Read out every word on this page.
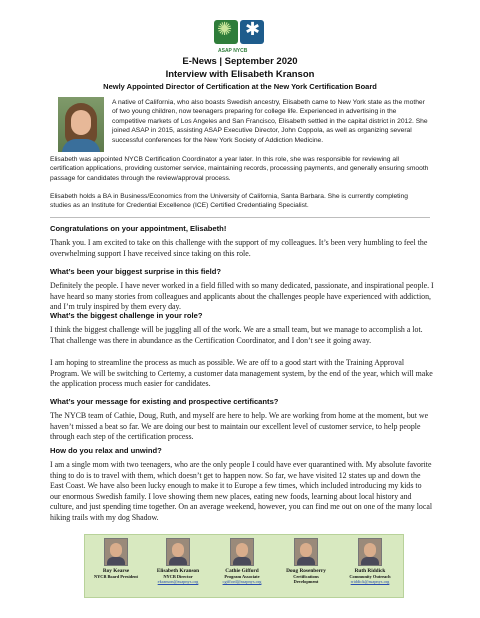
✺
✱
ASAP NYCB
E-News | September 2020
Interview with Elisabeth Kranson
Newly Appointed Director of Certification at the New York Certification Board
A native of California, who also boasts Swedish ancestry, Elisabeth came to New York state as the mother of two young children, now teenagers preparing for college life. Experienced in advertising in the competitive markets of Los Angeles and San Francisco, Elisabeth settled in the capital district in 2012. She joined ASAP in 2015, assisting ASAP Executive Director, John Coppola, as well as organizing several successful conferences for the New York Society of Addiction Medicine.
Elisabeth was appointed NYCB Certification Coordinator a year later. In this role, she was responsible for reviewing all certification applications, providing customer service, maintaining records, processing payments, and generally ensuring smooth passage for candidates through the review/approval process.
Elisabeth holds a BA in Business/Economics from the University of California, Santa Barbara. She is currently completing studies as an Institute for Credential Excellence (ICE) Certified Credentialing Specialist.
Congratulations on your appointment, Elisabeth!
Thank you. I am excited to take on this challenge with the support of my colleagues. It’s been very humbling to feel the overwhelming support I have received since taking on this role.
What’s been your biggest surprise in this field?
Definitely the people. I have never worked in a field filled with so many dedicated, passionate, and inspirational people. I have heard so many stories from colleagues and applicants about the challenges people have experienced with addiction, and I’m truly inspired by them every day.
What’s the biggest challenge in your role?
I think the biggest challenge will be juggling all of the work. We are a small team, but we manage to accomplish a lot. That challenge was there in abundance as the Certification Coordinator, and I don’t see it going away.
I am hoping to streamline the process as much as possible. We are off to a good start with the Training Approval Program. We will be switching to Certemy, a customer data management system, by the end of the year, which will make the application process much easier for candidates.
What’s your message for existing and prospective certificants?
The NYCB team of Cathie, Doug, Ruth, and myself are here to help. We are working from home at the moment, but we haven’t missed a beat so far. We are doing our best to maintain our excellent level of customer service, to help people through each step of the certification process.
How do you relax and unwind?
I am a single mom with two teenagers, who are the only people I could have ever quarantined with. My absolute favorite thing to do is to travel with them, which doesn’t get to happen now. So far, we have visited 12 states up and down the East Coast. We have also been lucky enough to make it to Europe a few times, which included introducing my kids to our enormous Swedish family. I love showing them new places, eating new foods, learning about local history and culture, and just spending time together. On an average weekend, however, you can find me out on one of the many local hiking trails with my dog Shadow.
Roy Kearse
NYCB Board President
Elisabeth Kranson
NYCB Director
ekranson@asapnys.org
Cathie Gifford
Program Associate
cgifford@asapnys.org
Doug Rosenberry
Certifications
Development
Ruth Riddick
Community Outreach
rriddick@asapnys.org
